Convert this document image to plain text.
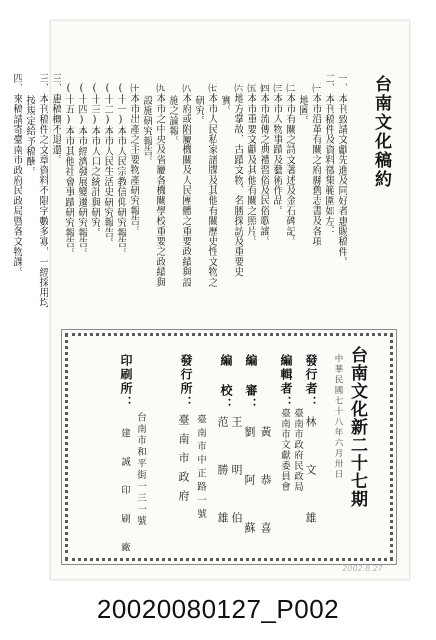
台南文化稿約
一、本刊致請文獻先進及同好者惠賜稿件。
二、本刊稿件及資料徵集範圍如左：
㈠本市沿革有關之府縣舊志書及各項
地圖。
㈡本市有關之詩文著述及金石碑記。
㈢本市人物事蹟及藝術作品。
㈣本市流傳之典禮習俗及民俗歌謠。
㈤本市重要文獻及其他有關之照片。
㈥地方掌故、古蹟文物、名勝探訪及重要史
實。
㈦本市人民私家譜牒及其他有關歷史性文物之
研究。
㈧本府或附屬機關及人民團體之重要政績與設
施之論報。
㈨本市之中央及省屬各機關學校重要之政績與
設施研究報告。
㈩本市出產之主要物產研究報告。
(十一)本市人民宗教信仰研究報告。
(十二)本市人民生活史研究報告。
(十三)本市人口之統計與研究。
(十四)本市經濟發展變遷研究報告。
(十五)本市其他社會事蹟研究報告。
三、惠稿概不退還。
三、本刊稿件之文章資料不限字數多寡，一經採用均
按規定給予稿酬。
四、來稿請寄臺南市政府民政局暨各文物課。
台南文化新二十七期
中華民國七十八年六月卅日
發行者：
林 文 雄
編輯者：
臺南市文獻委員會 臺南市政府民政局
編 審：
劉 阿 蘇 黃 恭 喜
編 校：
范 勝 雄 王 明 伯
發行所：
臺南市政府 臺南市中正路一號
印刷所：
建 誠 印 刷 廠 台南市和平街一三一號
2002.8.27
20020080127_P002
